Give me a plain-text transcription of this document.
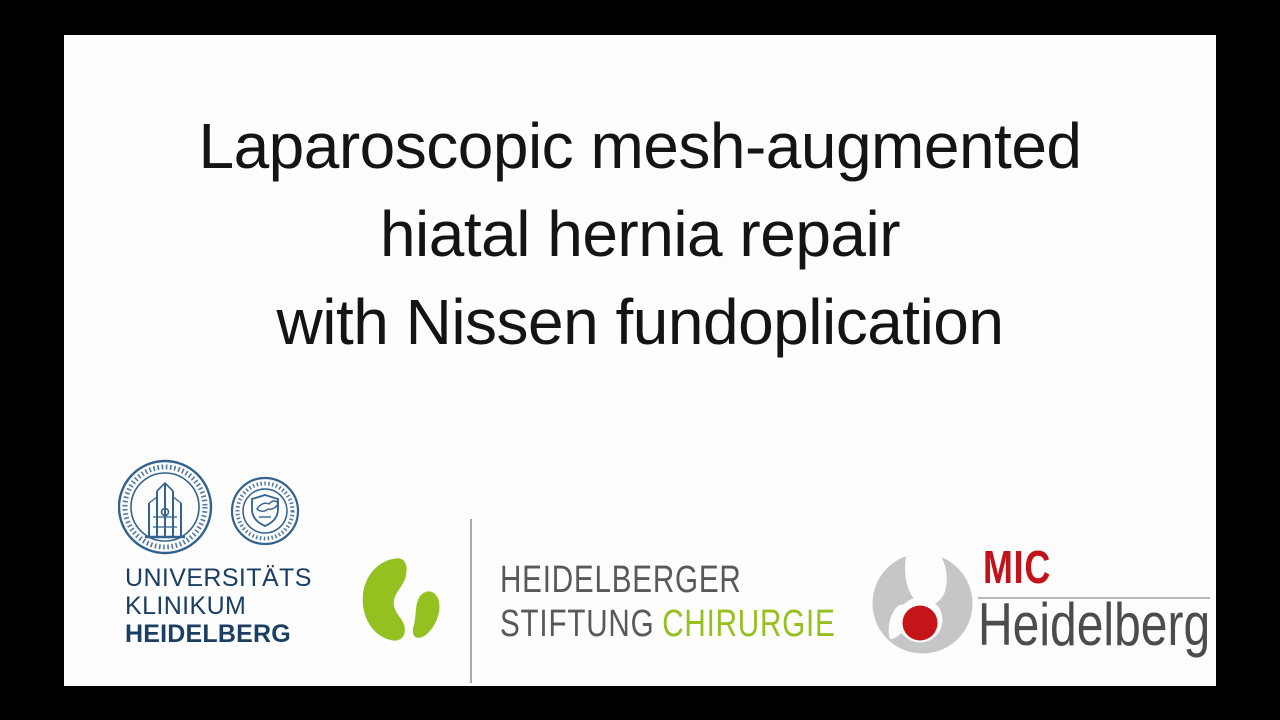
Laparoscopic mesh-augmented
hiatal hernia repair
with Nissen fundoplication
UNIVERSITÄTS
KLINIKUM
HEIDELBERG
HEIDELBERGER
STIFTUNG CHIRURGIE
MIC
Heidelberg
